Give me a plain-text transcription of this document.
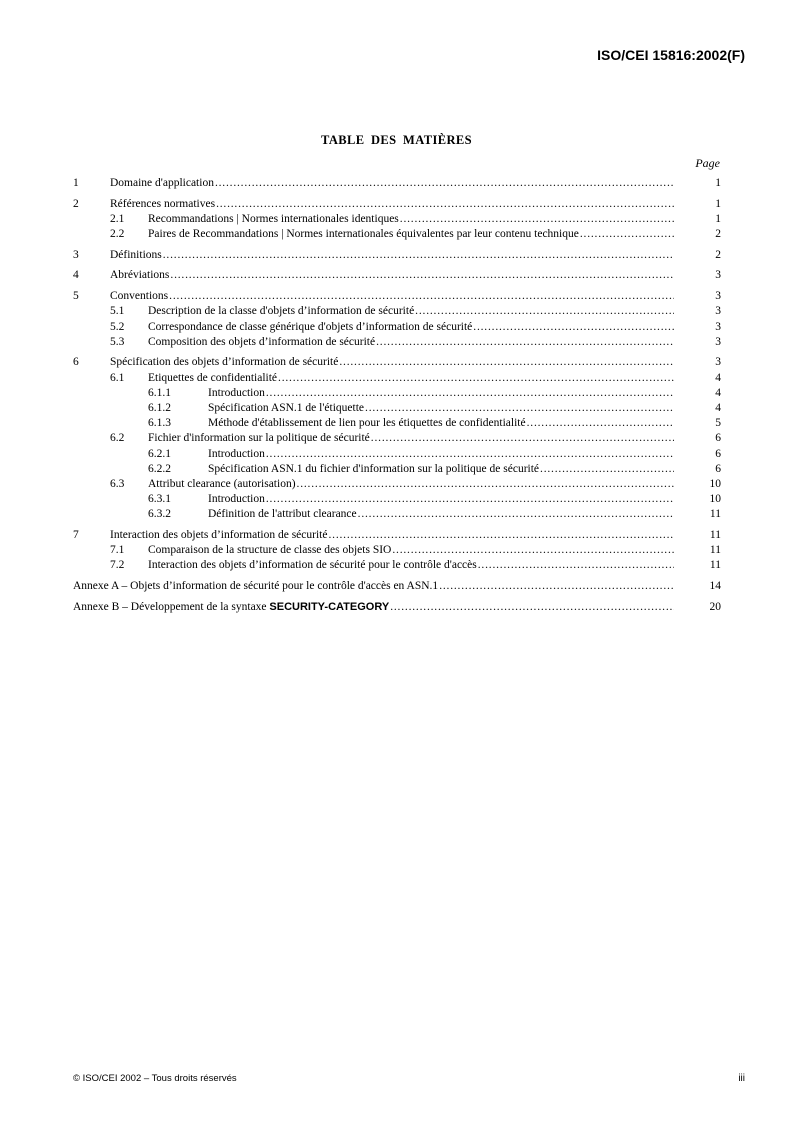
ISO/CEI 15816:2002(F)
TABLE DES MATIÈRES
Page
1	Domaine d'application .....	1
2	Références normatives .....	1
2.1 Recommandations | Normes internationales identiques .....	1
2.2 Paires de Recommandations | Normes internationales équivalentes par leur contenu technique .....	2
3	Définitions .....	2
4	Abréviations .....	3
5	Conventions .....	3
5.1 Description de la classe d'objets d’information de sécurité .....	3
5.2 Correspondance de classe générique d'objets d’information de sécurité .....	3
5.3 Composition des objets d’information de sécurité .....	3
6	Spécification des objets d’information de sécurité .....	3
6.1 Etiquettes de confidentialité .....	4
6.1.1	Introduction .....	4
6.1.2	Spécification ASN.1 de l'étiquette .....	4
6.1.3	Méthode d'établissement de lien pour les étiquettes de confidentialité .....	5
6.2 Fichier d'information sur la politique de sécurité .....	6
6.2.1	Introduction .....	6
6.2.2	Spécification ASN.1 du fichier d'information sur la politique de sécurité .....	6
6.3 Attribut clearance (autorisation) .....	10
6.3.1	Introduction .....	10
6.3.2	Définition de l'attribut clearance .....	11
7	Interaction des objets d’information de sécurité .....	11
7.1 Comparaison de la structure de classe des objets SIO .....	11
7.2 Interaction des objets d’information de sécurité pour le contrôle d'accès .....	11
Annexe A – Objets d’information de sécurité pour le contrôle d'accès en ASN.1 .....	14
Annexe B – Développement de la syntaxe SECURITY-CATEGORY .....	20
© ISO/CEI 2002 – Tous droits réservés	iii
